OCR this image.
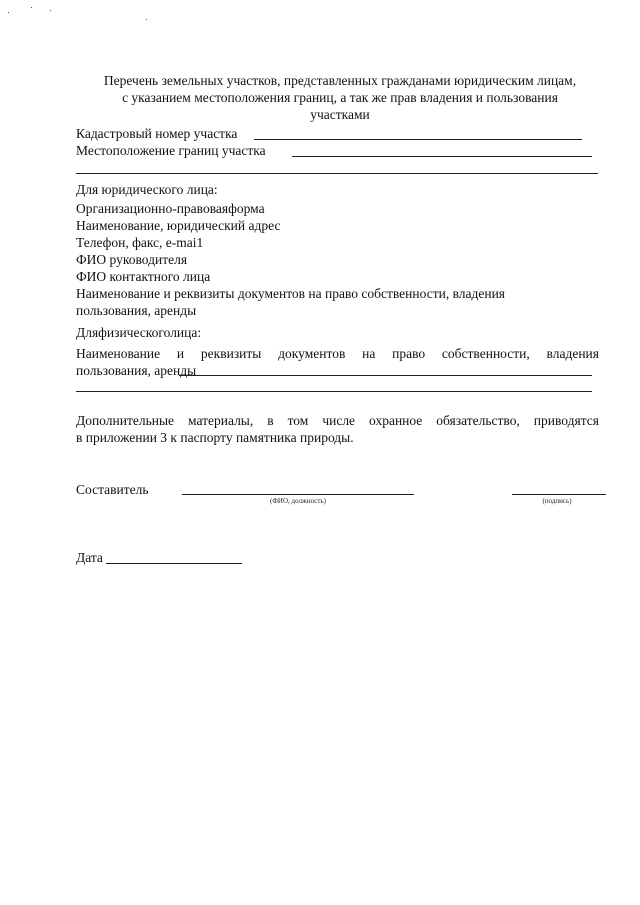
Перечень земельных участков, представленных гражданами юридическим лицам,
с указанием местоположения границ, а так же прав владения и пользования
участками
Кадастровый номер участка
Местоположение границ участка
Для юридического лица:
Организационно-правоваяформа
Наименование, юридический адрес
Телефон, факс, e-mai1
ФИО руководителя
ФИО контактного лица
Наименование и реквизиты документов на право собственности, владения
пользования, аренды
Дляфизическоголица:
Наименование и реквизиты документов на право собственности, владения
пользования, аренды
Дополнительные материалы, в том числе охранное обязательство, приводятся
в приложении 3 к паспорту памятника природы.
Составитель
(ФИО, должность)	(подпись)
Дата
